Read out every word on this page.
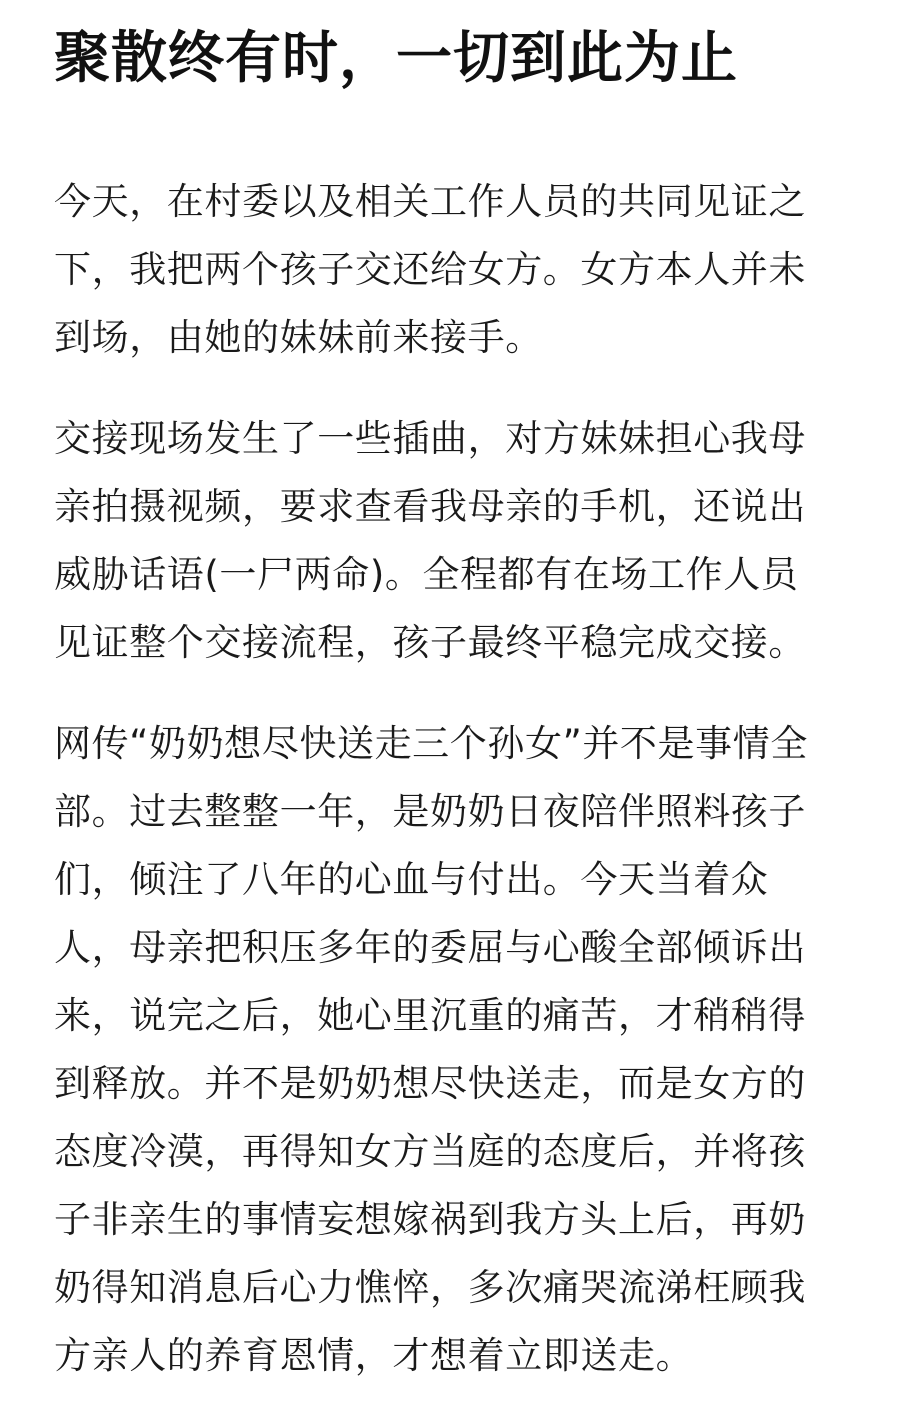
聚散终有时，一切到此为止

今天，在村委以及相关工作人员的共同见证之
下，我把两个孩子交还给女方。女方本人并未
到场，由她的妹妹前来接手。

交接现场发生了一些插曲，对方妹妹担心我母
亲拍摄视频，要求查看我母亲的手机，还说出
威胁话语(一尸两命)。全程都有在场工作人员
见证整个交接流程，孩子最终平稳完成交接。

网传“奶奶想尽快送走三个孙女”并不是事情全
部。过去整整一年，是奶奶日夜陪伴照料孩子
们，倾注了八年的心血与付出。今天当着众
人，母亲把积压多年的委屈与心酸全部倾诉出
来，说完之后，她心里沉重的痛苦，才稍稍得
到释放。并不是奶奶想尽快送走，而是女方的
态度冷漠，再得知女方当庭的态度后，并将孩
子非亲生的事情妄想嫁祸到我方头上后，再奶
奶得知消息后心力憔悴，多次痛哭流涕枉顾我
方亲人的养育恩情，才想着立即送走。
